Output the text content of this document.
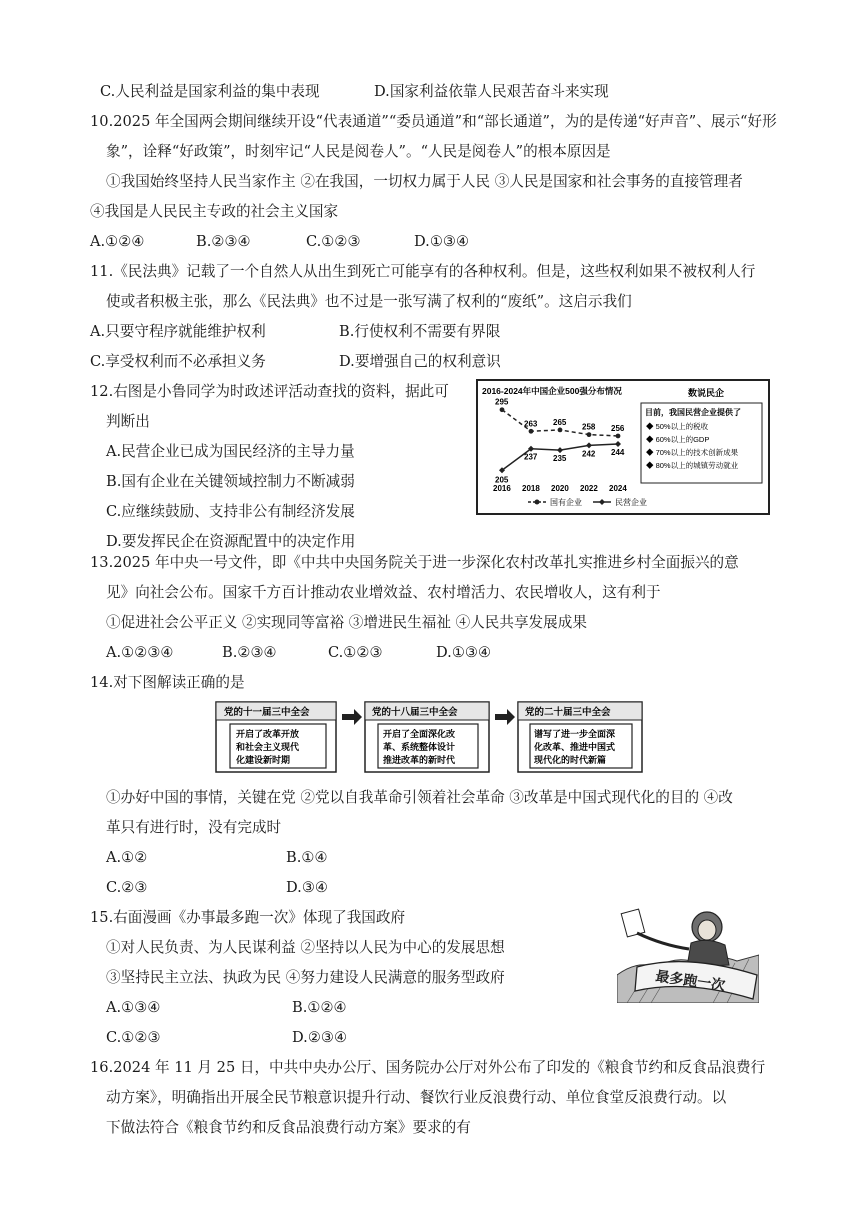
C.人民利益是国家利益的集中表现	D.国家利益依靠人民艰苦奋斗来实现
10.2025 年全国两会期间继续开设“代表通道”“委员通道”和“部长通道”，为的是传递“好声音”、展示“好形
象”，诠释“好政策”，时刻牢记“人民是阅卷人”。“人民是阅卷人”的根本原因是
①我国始终坚持人民当家作主 ②在我国，一切权力属于人民 ③人民是国家和社会事务的直接管理者
④我国是人民民主专政的社会主义国家
A.①②④	B.②③④	C.①②③	D.①③④
11.《民法典》记载了一个自然人从出生到死亡可能享有的各种权利。但是，这些权利如果不被权利人行
使或者积极主张，那么《民法典》也不过是一张写满了权利的“废纸”。这启示我们
A.只要守程序就能维护权利	B.行使权利不需要有界限
C.享受权利而不必承担义务	D.要增强自己的权利意识
12.右图是小鲁同学为时政述评活动查找的资料，据此可
判断出
A.民营企业已成为国民经济的主导力量
B.国有企业在关键领域控制力不断减弱
C.应继续鼓励、支持非公有制经济发展
D.要发挥民企在资源配置中的决定作用
2016-2024年中国企业500强分布情况
2016 2018 2020 2022 2024
295
263 265
258 256
205
237 235
242 244
数说民企
目前，我国民营企业提供了
◆ 50%以上的税收
◆ 60%以上的GDP
◆ 70%以上的技术创新成果
◆ 80%以上的城镇劳动就业
国有企业	民营企业
13.2025 年中央一号文件，即《中共中央国务院关于进一步深化农村改革扎实推进乡村全面振兴的意
见》向社会公布。国家千方百计推动农业增效益、农村增活力、农民增收人，这有利于
①促进社会公平正义 ②实现同等富裕 ③增进民生福祉 ④人民共享发展成果
A.①②③④	B.②③④	C.①②③	D.①③④
14.对下图解读正确的是
党的十一届三中全会
开启了改革开放
和社会主义现代
化建设新时期
党的十八届三中全会
开启了全面深化改
革、系统整体设计
推进改革的新时代
党的二十届三中全会
谱写了进一步全面深
化改革、推进中国式
现代化的时代新篇
①办好中国的事情，关键在党 ②党以自我革命引领着社会革命 ③改革是中国式现代化的目的 ④改
革只有进行时，没有完成时
A.①②	B.①④
C.②③	D.③④
15.右面漫画《办事最多跑一次》体现了我国政府
①对人民负责、为人民谋利益 ②坚持以人民为中心的发展思想
③坚持民主立法、执政为民 ④努力建设人民满意的服务型政府
A.①③④	B.①②④
C.①②③	D.②③④
最多跑一次
16.2024 年 11 月 25 日，中共中央办公厅、国务院办公厅对外公布了印发的《粮食节约和反食品浪费行
动方案》，明确指出开展全民节粮意识提升行动、餐饮行业反浪费行动、单位食堂反浪费行动。以
下做法符合《粮食节约和反食品浪费行动方案》要求的有
